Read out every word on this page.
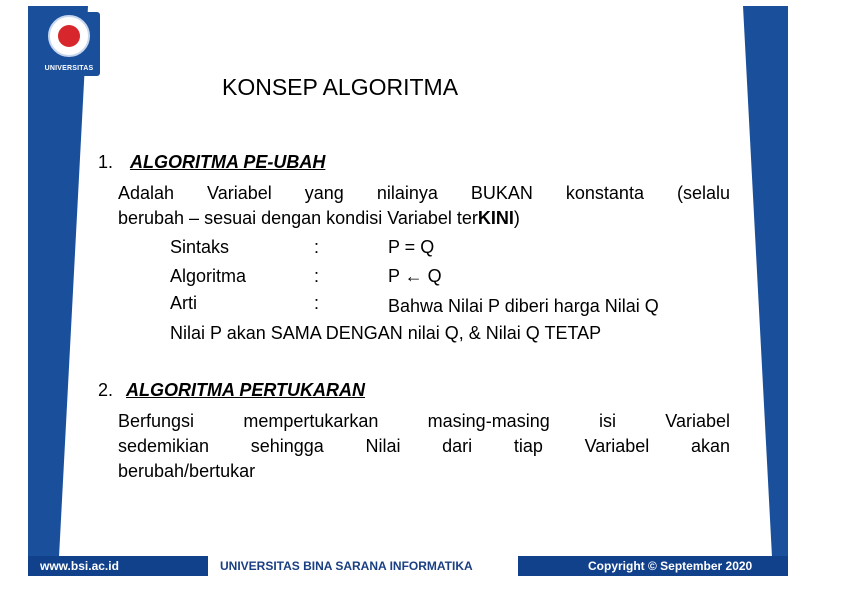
UNIVERSITAS
KONSEP ALGORITMA
1. ALGORITMA PE-UBAH
Adalah Variabel yang nilainya BUKAN konstanta (selalu
berubah – sesuai dengan kondisi Variabel terKINI)
Sintaks	:	P = Q
Algoritma	:	P ← Q
Arti	:	Bahwa Nilai P diberi harga Nilai Q
Nilai P akan SAMA DENGAN nilai Q, & Nilai Q TETAP
2. ALGORITMA PERTUKARAN
Berfungsi mempertukarkan masing-masing isi Variabel
sedemikian sehingga Nilai dari tiap Variabel akan
berubah/bertukar
www.bsi.ac.id	UNIVERSITAS BINA SARANA INFORMATIKA	Copyright © September 2020
